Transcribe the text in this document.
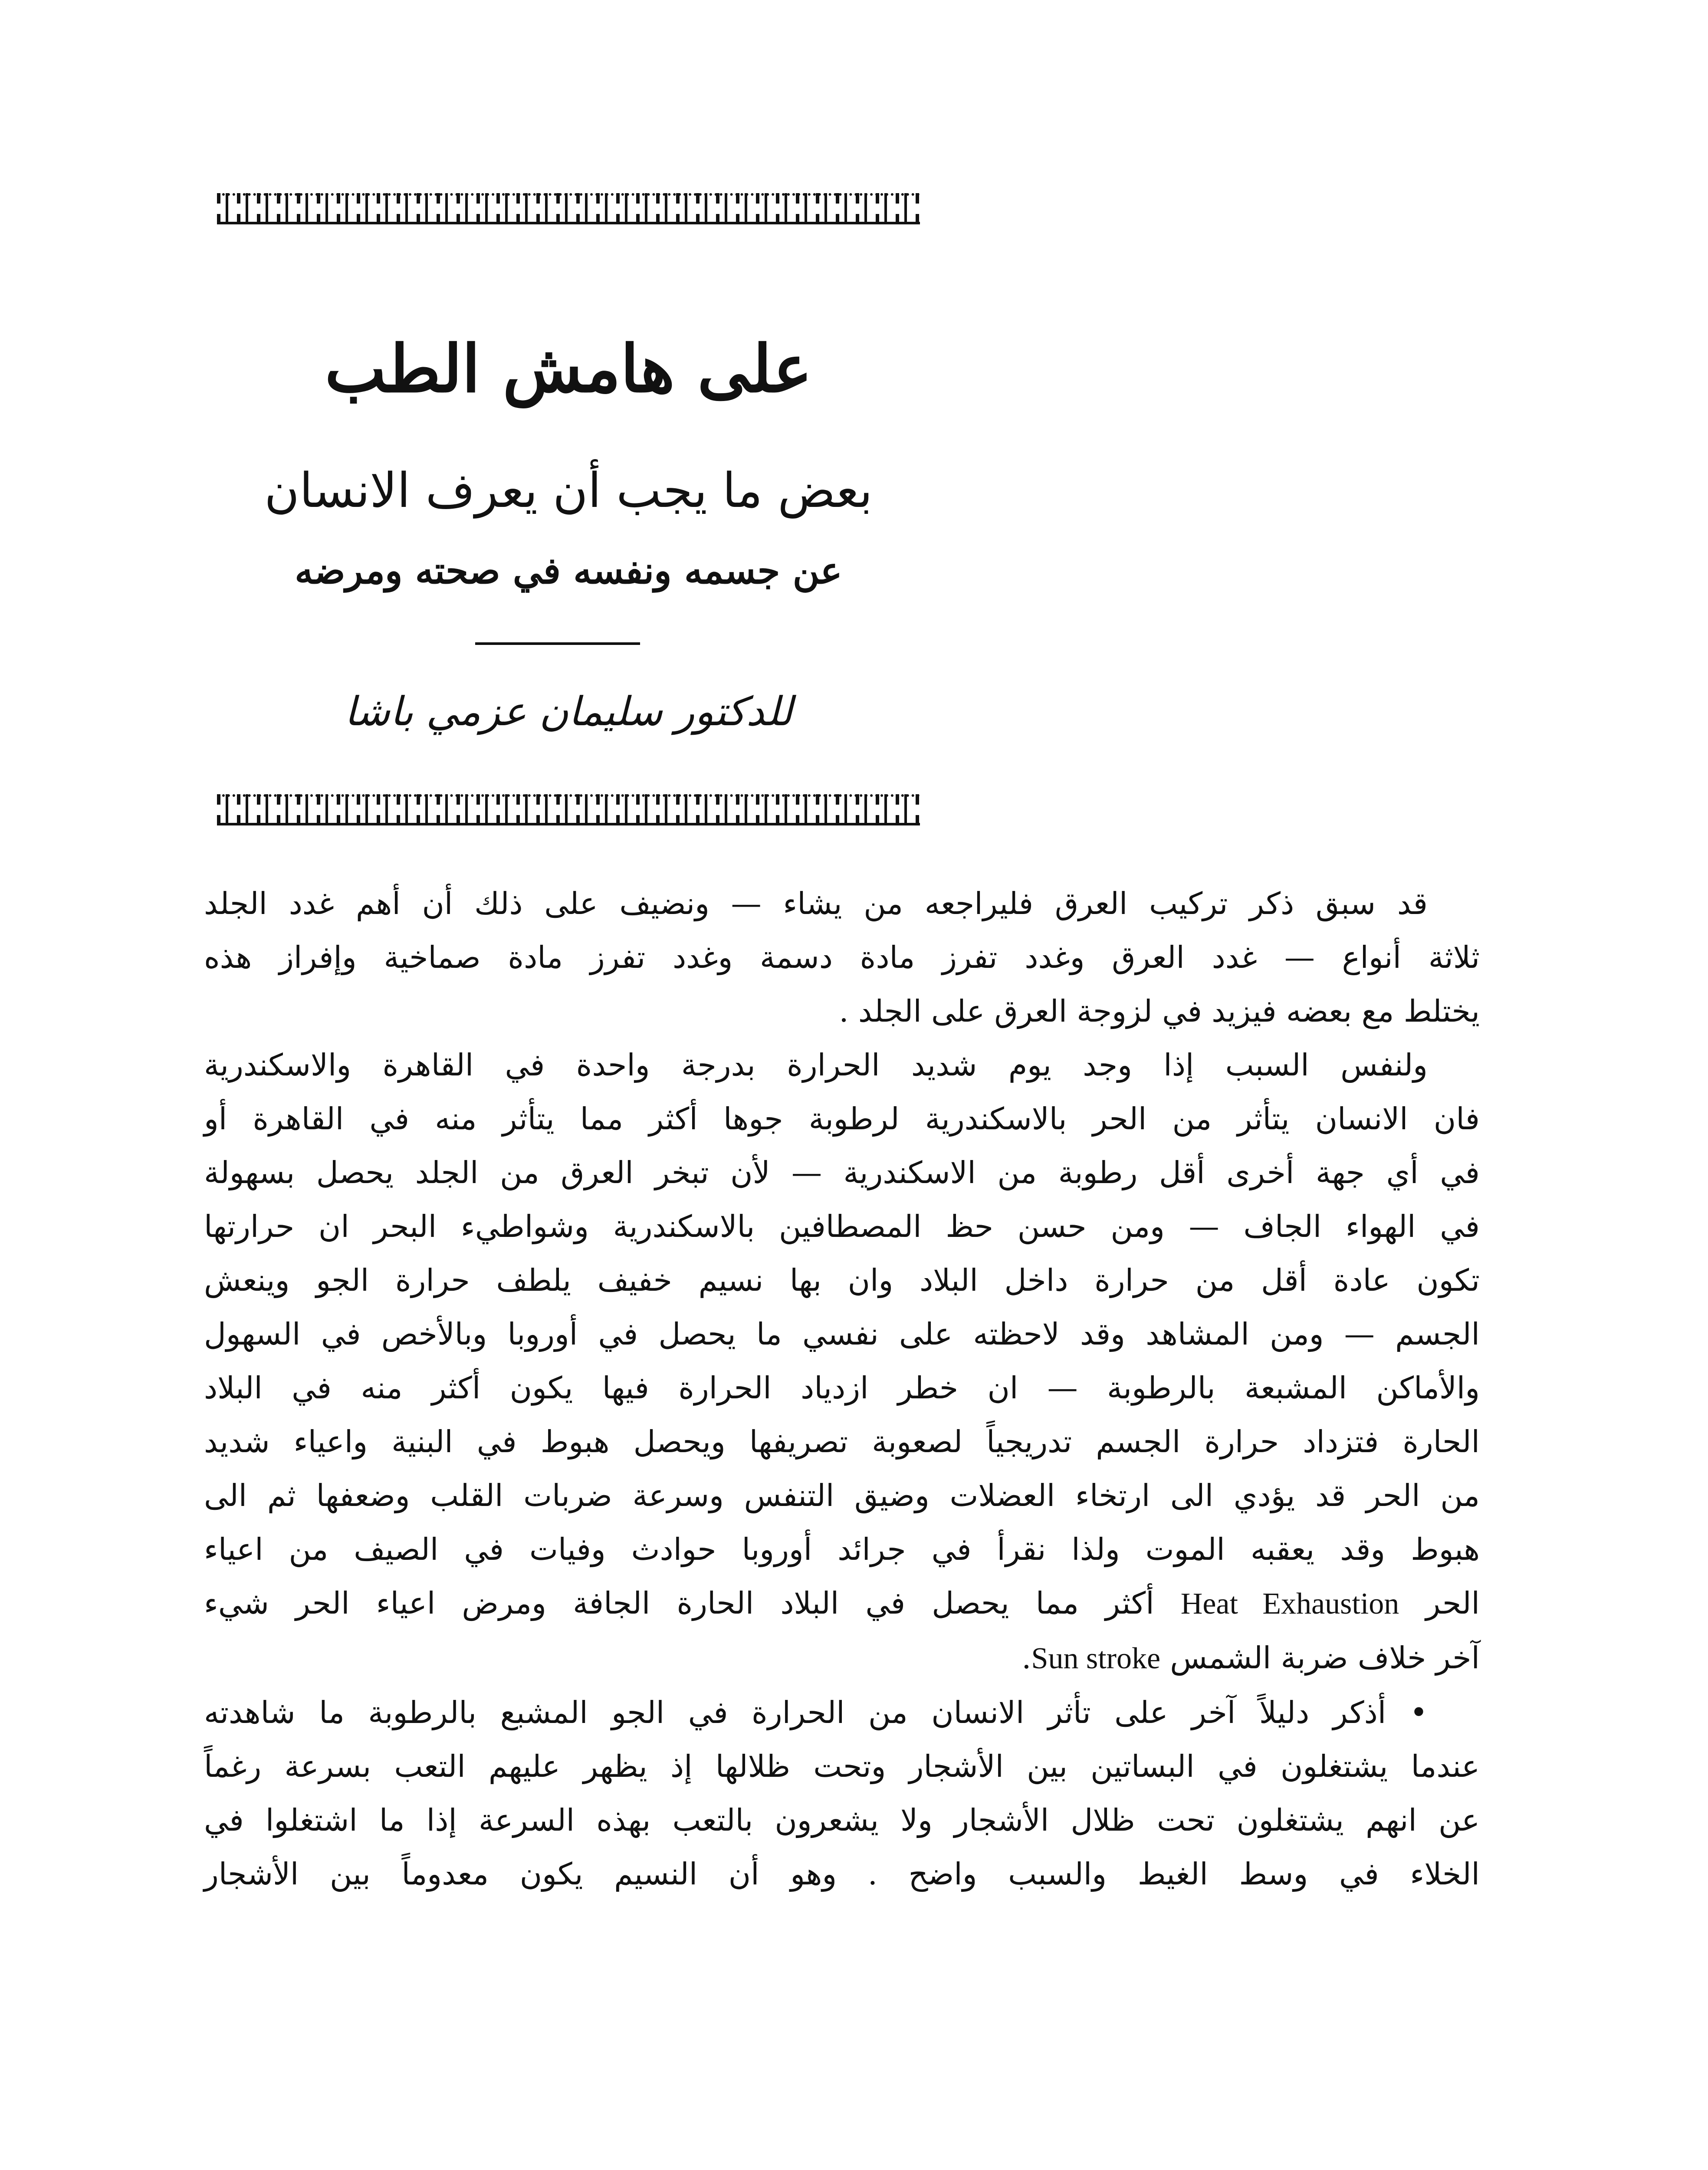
على هامش الطب
بعض ما يجب أن يعرف الانسان
عن جسمه ونفسه في صحته ومرضه
للدكتور سليمان عزمي باشا
قد سبق ذكر تركيب العرق فليراجعه من يشاء — ونضيف على ذلك أن أهم غدد الجلد
ثلاثة أنواع — غدد العرق وغدد تفرز مادة دسمة وغدد تفرز مادة صماخية وإفراز هذه
يختلط مع بعضه فيزيد في لزوجة العرق على الجلد .
ولنفس السبب إذا وجد يوم شديد الحرارة بدرجة واحدة في القاهرة والاسكندرية
فان الانسان يتأثر من الحر بالاسكندرية لرطوبة جوها أكثر مما يتأثر منه في القاهرة أو
في أي جهة أخرى أقل رطوبة من الاسكندرية — لأن تبخر العرق من الجلد يحصل بسهولة
في الهواء الجاف — ومن حسن حظ المصطافين بالاسكندرية وشواطيء البحر ان حرارتها
تكون عادة أقل من حرارة داخل البلاد وان بها نسيم خفيف يلطف حرارة الجو وينعش
الجسم — ومن المشاهد وقد لاحظته على نفسي ما يحصل في أوروبا وبالأخص في السهول
والأماكن المشبعة بالرطوبة — ان خطر ازدياد الحرارة فيها يكون أكثر منه في البلاد
الحارة فتزداد حرارة الجسم تدريجياً لصعوبة تصريفها ويحصل هبوط في البنية واعياء شديد
من الحر قد يؤدي الى ارتخاء العضلات وضيق التنفس وسرعة ضربات القلب وضعفها ثم الى
هبوط وقد يعقبه الموت ولذا نقرأ في جرائد أوروبا حوادث وفيات في الصيف من اعياء
الحر Heat Exhaustion أكثر مما يحصل في البلاد الحارة الجافة ومرض اعياء الحر شيء
آخر خلاف ضربة الشمس Sun stroke.
• أذكر دليلاً آخر على تأثر الانسان من الحرارة في الجو المشبع بالرطوبة ما شاهدته
عندما يشتغلون في البساتين بين الأشجار وتحت ظلالها إذ يظهر عليهم التعب بسرعة رغماً
عن انهم يشتغلون تحت ظلال الأشجار ولا يشعرون بالتعب بهذه السرعة إذا ما اشتغلوا في
الخلاء في وسط الغيط والسبب واضح . وهو أن النسيم يكون معدوماً بين الأشجار
